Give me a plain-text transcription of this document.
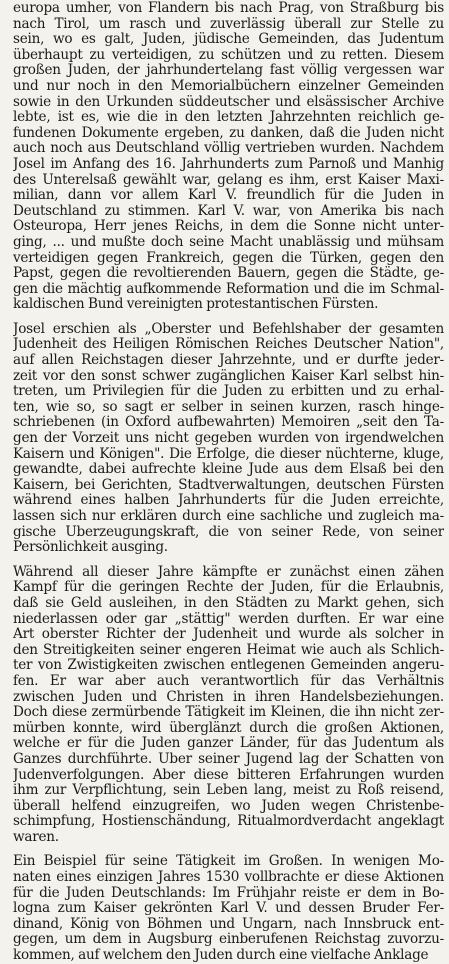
europa umher, von Flandern bis nach Prag, von Straßburg bis
nach Tirol, um rasch und zuverlässig überall zur Stelle zu
sein, wo es galt, Juden, jüdische Gemeinden, das Judentum
überhaupt zu verteidigen, zu schützen und zu retten. Diesem
großen Juden, der jahrhundertelang fast völlig vergessen war
und nur noch in den Memorialbüchern einzelner Gemeinden
sowie in den Urkunden süddeutscher und elsässischer Archive
lebte, ist es, wie die in den letzten Jahrzehnten reichlich ge-
fundenen Dokumente ergeben, zu danken, daß die Juden nicht
auch noch aus Deutschland völlig vertrieben wurden. Nachdem
Josel im Anfang des 16. Jahrhunderts zum Parnoß und Manhig
des Unterelsaß gewählt war, gelang es ihm, erst Kaiser Maxi-
milian, dann vor allem Karl V. freundlich für die Juden in
Deutschland zu stimmen. Karl V. war, von Amerika bis nach
Osteuropa, Herr jenes Reichs, in dem die Sonne nicht unter-
ging, ... und mußte doch seine Macht unablässig und mühsam
verteidigen gegen Frankreich, gegen die Türken, gegen den
Papst, gegen die revoltierenden Bauern, gegen die Städte, ge-
gen die mächtig aufkommende Reformation und die im Schmal-
kaldischen Bund vereinigten protestantischen Fürsten.
Josel erschien als „Oberster und Befehlshaber der gesamten
Judenheit des Heiligen Römischen Reiches Deutscher Nation",
auf allen Reichstagen dieser Jahrzehnte, und er durfte jeder-
zeit vor den sonst schwer zugänglichen Kaiser Karl selbst hin-
treten, um Privilegien für die Juden zu erbitten und zu erhal-
ten, wie so, so sagt er selber in seinen kurzen, rasch hinge-
schriebenen (in Oxford aufbewahrten) Memoiren „seit den Ta-
gen der Vorzeit uns nicht gegeben wurden von irgendwelchen
Kaisern und Königen". Die Erfolge, die dieser nüchterne, kluge,
gewandte, dabei aufrechte kleine Jude aus dem Elsaß bei den
Kaisern, bei Gerichten, Stadtverwaltungen, deutschen Fürsten
während eines halben Jahrhunderts für die Juden erreichte,
lassen sich nur erklären durch eine sachliche und zugleich ma-
gische Überzeugungskraft, die von seiner Rede, von seiner
Persönlichkeit ausging.
Während all dieser Jahre kämpfte er zunächst einen zähen
Kampf für die geringen Rechte der Juden, für die Erlaubnis,
daß sie Geld ausleihen, in den Städten zu Markt gehen, sich
niederlassen oder gar „stättig" werden durften. Er war eine
Art oberster Richter der Judenheit und wurde als solcher in
den Streitigkeiten seiner engeren Heimat wie auch als Schlich-
ter von Zwistigkeiten zwischen entlegenen Gemeinden angeru-
fen. Er war aber auch verantwortlich für das Verhältnis
zwischen Juden und Christen in ihren Handelsbeziehungen.
Doch diese zermürbende Tätigkeit im Kleinen, die ihn nicht zer-
mürben konnte, wird überglänzt durch die großen Aktionen,
welche er für die Juden ganzer Länder, für das Judentum als
Ganzes durchführte. Über seiner Jugend lag der Schatten von
Judenverfolgungen. Aber diese bitteren Erfahrungen wurden
ihm zur Verpflichtung, sein Leben lang, meist zu Roß reisend,
überall helfend einzugreifen, wo Juden wegen Christenbe-
schimpfung, Hostienschändung, Ritualmordverdacht angeklagt
waren.
Ein Beispiel für seine Tätigkeit im Großen. In wenigen Mo-
naten eines einzigen Jahres 1530 vollbrachte er diese Aktionen
für die Juden Deutschlands: Im Frühjahr reiste er dem in Bo-
logna zum Kaiser gekrönten Karl V. und dessen Bruder Fer-
dinand, König von Böhmen und Ungarn, nach Innsbruck ent-
gegen, um dem in Augsburg einberufenen Reichstag zuvorzu-
kommen, auf welchem den Juden durch eine vielfache Anklage
